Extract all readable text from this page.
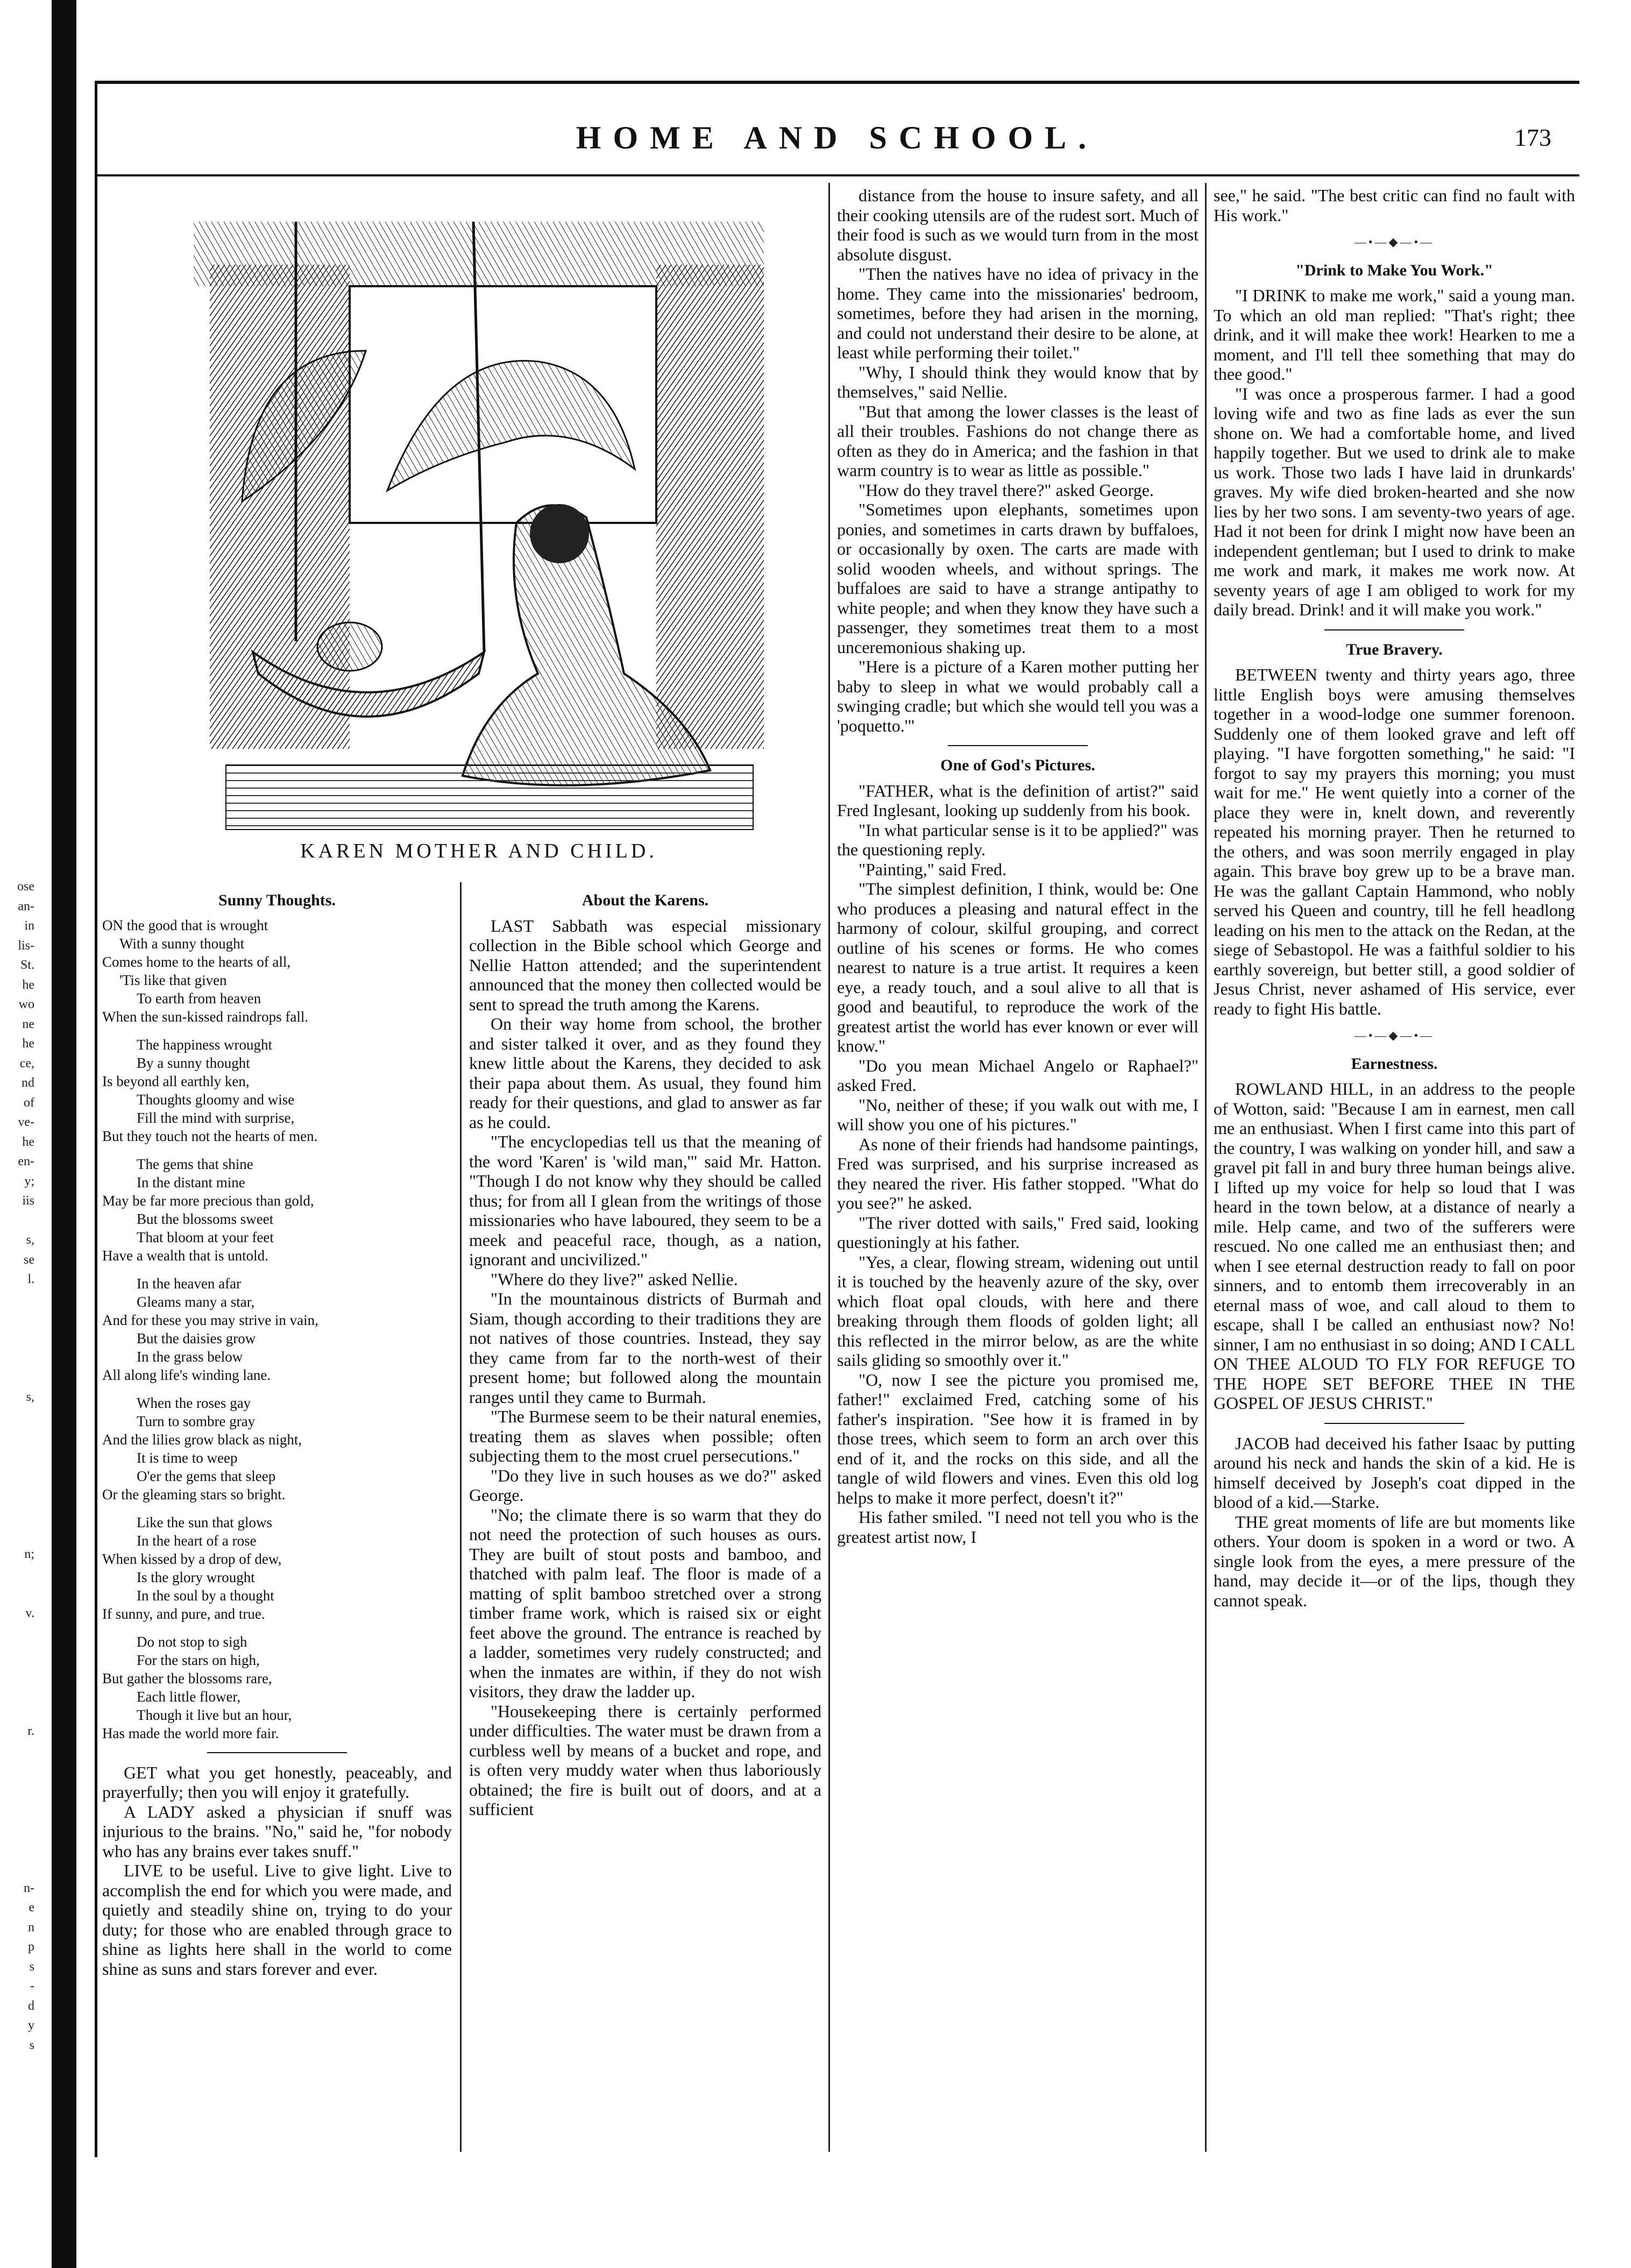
ose
an-
in
lis-
St.
he
wo
ne
he
ce,
nd
of
ve-
he
en-
y;
iis

s,
se
l.

s,

n;

v.

r.

n-
e
n
p
s
-
d
y
s
HOME AND SCHOOL.	173
KAREN MOTHER AND CHILD.
Sunny Thoughts.
ON the good that is wrought
With a sunny thought
Comes home to the hearts of all,
'Tis like that given
To earth from heaven
When the sun-kissed raindrops fall.
The happiness wrought
By a sunny thought
Is beyond all earthly ken,
Thoughts gloomy and wise
Fill the mind with surprise,
But they touch not the hearts of men.
The gems that shine
In the distant mine
May be far more precious than gold,
But the blossoms sweet
That bloom at your feet
Have a wealth that is untold.
In the heaven afar
Gleams many a star,
And for these you may strive in vain,
But the daisies grow
In the grass below
All along life's winding lane.
When the roses gay
Turn to sombre gray
And the lilies grow black as night,
It is time to weep
O'er the gems that sleep
Or the gleaming stars so bright.
Like the sun that glows
In the heart of a rose
When kissed by a drop of dew,
Is the glory wrought
In the soul by a thought
If sunny, and pure, and true.
Do not stop to sigh
For the stars on high,
But gather the blossoms rare,
Each little flower,
Though it live but an hour,
Has made the world more fair.

GET what you get honestly, peaceably, and prayerfully; then you will enjoy it gratefully.

A LADY asked a physician if snuff was injurious to the brains. "No," said he, "for nobody who has any brains ever takes snuff."

LIVE to be useful. Live to give light. Live to accomplish the end for which you were made, and quietly and steadily shine on, trying to do your duty; for those who are enabled through grace to shine as lights here shall in the world to come shine as suns and stars forever and ever.

About the Karens.

LAST Sabbath was especial missionary collection in the Bible school which George and Nellie Hatton attended; and the superintendent announced that the money then collected would be sent to spread the truth among the Karens.

On their way home from school, the brother and sister talked it over, and as they found they knew little about the Karens, they decided to ask their papa about them. As usual, they found him ready for their questions, and glad to answer as far as he could.

"The encyclopedias tell us that the meaning of the word 'Karen' is 'wild man,'" said Mr. Hatton. "Though I do not know why they should be called thus; for from all I glean from the writings of those missionaries who have laboured, they seem to be a meek and peaceful race, though, as a nation, ignorant and uncivilized."

"Where do they live?" asked Nellie.

"In the mountainous districts of Burmah and Siam, though according to their traditions they are not natives of those countries. Instead, they say they came from far to the north-west of their present home; but followed along the mountain ranges until they came to Burmah.

"The Burmese seem to be their natural enemies, treating them as slaves when possible; often subjecting them to the most cruel persecutions."

"Do they live in such houses as we do?" asked George.

"No; the climate there is so warm that they do not need the protection of such houses as ours. They are built of stout posts and bamboo, and thatched with palm leaf. The floor is made of a matting of split bamboo stretched over a strong timber frame work, which is raised six or eight feet above the ground. The entrance is reached by a ladder, sometimes very rudely constructed; and when the inmates are within, if they do not wish visitors, they draw the ladder up.

"Housekeeping there is certainly performed under difficulties. The water must be drawn from a curbless well by means of a bucket and rope, and is often very muddy water when thus laboriously obtained; the fire is built out of doors, and at a sufficient

distance from the house to insure safety, and all their cooking utensils are of the rudest sort. Much of their food is such as we would turn from in the most absolute disgust.

"Then the natives have no idea of privacy in the home. They came into the missionaries' bedroom, sometimes, before they had arisen in the morning, and could not understand their desire to be alone, at least while performing their toilet."

"Why, I should think they would know that by themselves," said Nellie.

"But that among the lower classes is the least of all their troubles. Fashions do not change there as often as they do in America; and the fashion in that warm country is to wear as little as possible."

"How do they travel there?" asked George.

"Sometimes upon elephants, sometimes upon ponies, and sometimes in carts drawn by buffaloes, or occasionally by oxen. The carts are made with solid wooden wheels, and without springs. The buffaloes are said to have a strange antipathy to white people; and when they know they have such a passenger, they sometimes treat them to a most unceremonious shaking up.

"Here is a picture of a Karen mother putting her baby to sleep in what we would probably call a swinging cradle; but which she would tell you was a 'poquetto.'"

One of God's Pictures.

"FATHER, what is the definition of artist?" said Fred Inglesant, looking up suddenly from his book.

"In what particular sense is it to be applied?" was the questioning reply.

"Painting," said Fred.

"The simplest definition, I think, would be: One who produces a pleasing and natural effect in the harmony of colour, skilful grouping, and correct outline of his scenes or forms. He who comes nearest to nature is a true artist. It requires a keen eye, a ready touch, and a soul alive to all that is good and beautiful, to reproduce the work of the greatest artist the world has ever known or ever will know."

"Do you mean Michael Angelo or Raphael?" asked Fred.

"No, neither of these; if you walk out with me, I will show you one of his pictures."

As none of their friends had handsome paintings, Fred was surprised, and his surprise increased as they neared the river. His father stopped. "What do you see?" he asked.

"The river dotted with sails," Fred said, looking questioningly at his father.

"Yes, a clear, flowing stream, widening out until it is touched by the heavenly azure of the sky, over which float opal clouds, with here and there breaking through them floods of golden light; all this reflected in the mirror below, as are the white sails gliding so smoothly over it."

"O, now I see the picture you promised me, father!" exclaimed Fred, catching some of his father's inspiration. "See how it is framed in by those trees, which seem to form an arch over this end of it, and the rocks on this side, and all the tangle of wild flowers and vines. Even this old log helps to make it more perfect, doesn't it?"

His father smiled. "I need not tell you who is the greatest artist now, I

see," he said. "The best critic can find no fault with His work."

—•—◆—•—
"Drink to Make You Work."

"I DRINK to make me work," said a young man. To which an old man replied: "That's right; thee drink, and it will make thee work! Hearken to me a moment, and I'll tell thee something that may do thee good."

"I was once a prosperous farmer. I had a good loving wife and two as fine lads as ever the sun shone on. We had a comfortable home, and lived happily together. But we used to drink ale to make us work. Those two lads I have laid in drunkards' graves. My wife died broken-hearted and she now lies by her two sons. I am seventy-two years of age. Had it not been for drink I might now have been an independent gentleman; but I used to drink to make me work and mark, it makes me work now. At seventy years of age I am obliged to work for my daily bread. Drink! and it will make you work."

True Bravery.

BETWEEN twenty and thirty years ago, three little English boys were amusing themselves together in a wood-lodge one summer forenoon. Suddenly one of them looked grave and left off playing. "I have forgotten something," he said: "I forgot to say my prayers this morning; you must wait for me." He went quietly into a corner of the place they were in, knelt down, and reverently repeated his morning prayer. Then he returned to the others, and was soon merrily engaged in play again. This brave boy grew up to be a brave man. He was the gallant Captain Hammond, who nobly served his Queen and country, till he fell headlong leading on his men to the attack on the Redan, at the siege of Sebastopol. He was a faithful soldier to his earthly sovereign, but better still, a good soldier of Jesus Christ, never ashamed of His service, ever ready to fight His battle.

—•—◆—•—
Earnestness.

ROWLAND HILL, in an address to the people of Wotton, said: "Because I am in earnest, men call me an enthusiast. When I first came into this part of the country, I was walking on yonder hill, and saw a gravel pit fall in and bury three human beings alive. I lifted up my voice for help so loud that I was heard in the town below, at a distance of nearly a mile. Help came, and two of the sufferers were rescued. No one called me an enthusiast then; and when I see eternal destruction ready to fall on poor sinners, and to entomb them irrecoverably in an eternal mass of woe, and call aloud to them to escape, shall I be called an enthusiast now? No! sinner, I am no enthusiast in so doing; AND I CALL ON THEE ALOUD TO FLY FOR REFUGE TO THE HOPE SET BEFORE THEE IN THE GOSPEL OF JESUS CHRIST."

JACOB had deceived his father Isaac by putting around his neck and hands the skin of a kid. He is himself deceived by Joseph's coat dipped in the blood of a kid.—Starke.

THE great moments of life are but moments like others. Your doom is spoken in a word or two. A single look from the eyes, a mere pressure of the hand, may decide it—or of the lips, though they cannot speak.
